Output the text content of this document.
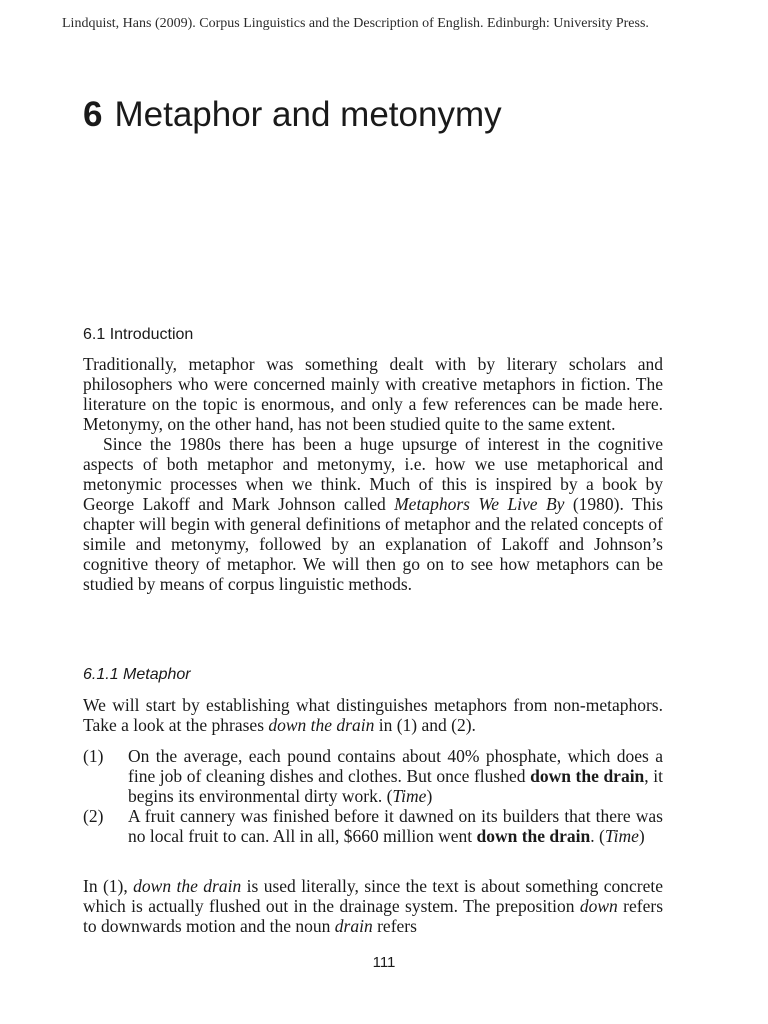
Lindquist, Hans (2009). Corpus Linguistics and the Description of English. Edinburgh: University Press.
6 Metaphor and metonymy
6.1 Introduction

Traditionally, metaphor was something dealt with by literary scholars and philosophers who were concerned mainly with creative metaphors in fiction. The literature on the topic is enormous, and only a few references can be made here. Metonymy, on the other hand, has not been studied quite to the same extent.

Since the 1980s there has been a huge upsurge of interest in the cognitive aspects of both metaphor and metonymy, i.e. how we use metaphorical and metonymic processes when we think. Much of this is inspired by a book by George Lakoff and Mark Johnson called Metaphors We Live By (1980). This chapter will begin with general definitions of metaphor and the related concepts of simile and metonymy, followed by an explanation of Lakoff and Johnson’s cognitive theory of metaphor. We will then go on to see how metaphors can be studied by means of corpus linguistic methods.

6.1.1 Metaphor

We will start by establishing what distinguishes metaphors from non-metaphors. Take a look at the phrases down the drain in (1) and (2).

(1)	On the average, each pound contains about 40% phosphate, which does a fine job of cleaning dishes and clothes. But once flushed down the drain, it begins its environmental dirty work. (Time)
(2)	A fruit cannery was finished before it dawned on its builders that there was no local fruit to can. All in all, $660 million went down the drain. (Time)

In (1), down the drain is used literally, since the text is about something concrete which is actually flushed out in the drainage system. The preposition down refers to downwards motion and the noun drain refers

111
